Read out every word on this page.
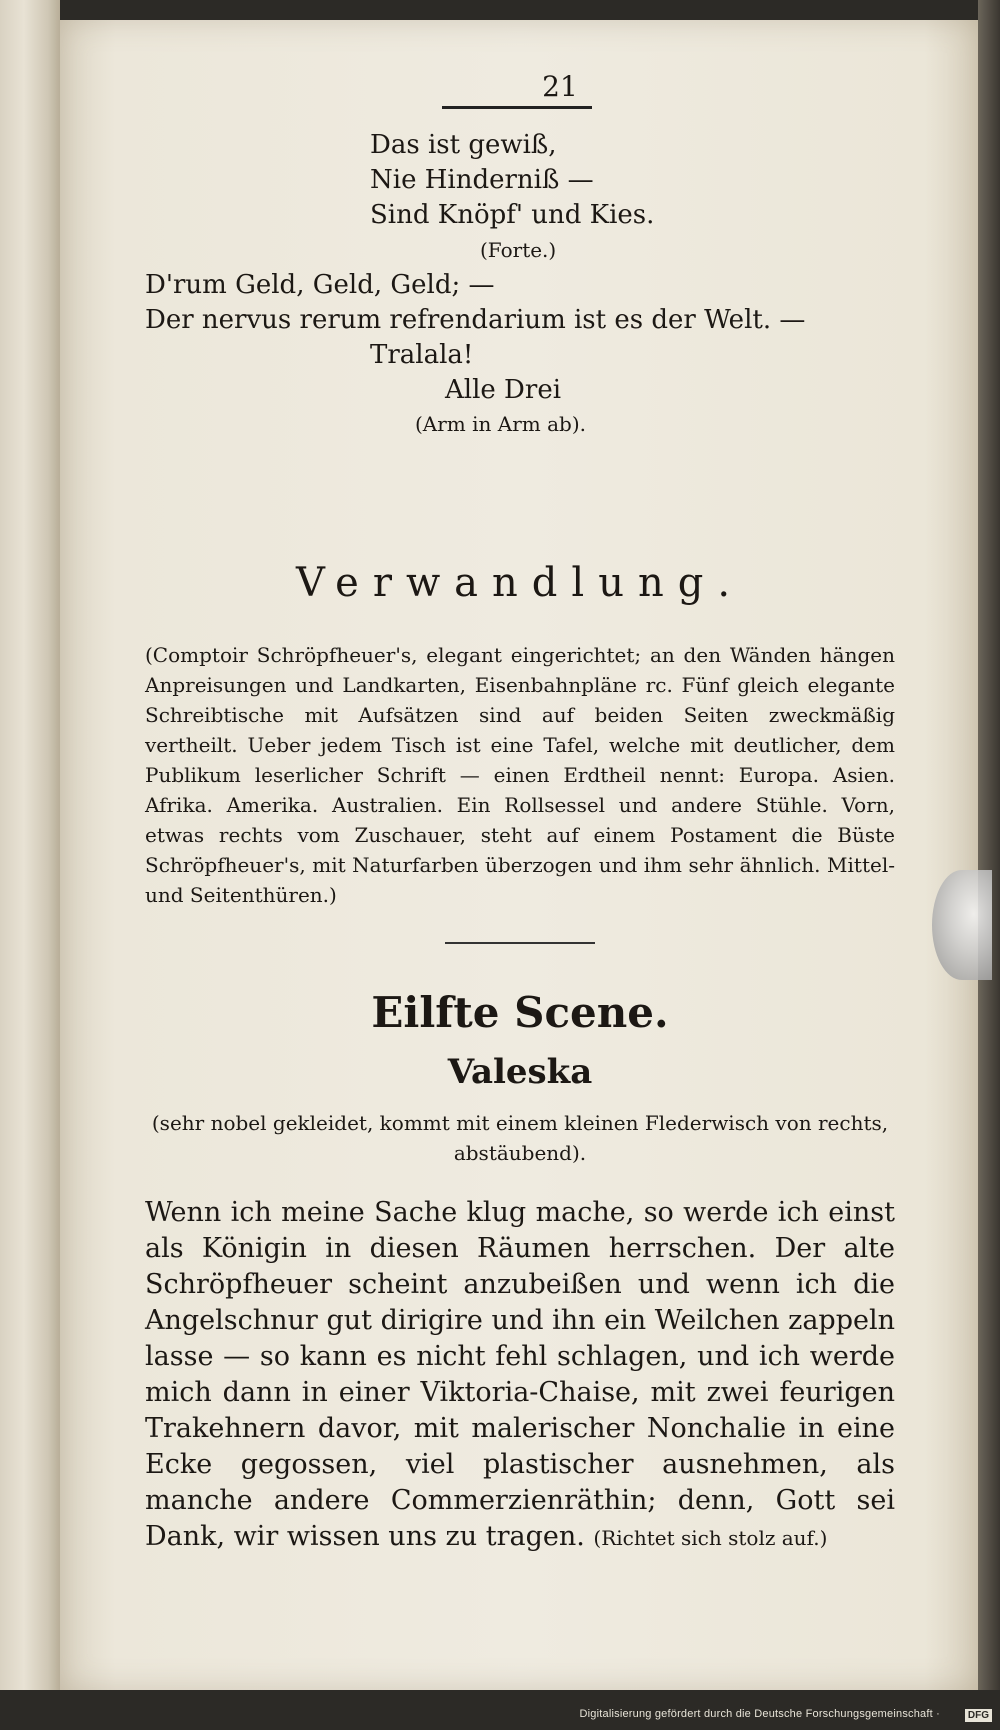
21
Das ist gewiß,
Nie Hinderniß —
Sind Knöpf' und Kies.
(Forte.)
D'rum Geld, Geld, Geld; —
Der nervus rerum refrendarium ist es der Welt. —
Tralala!
Alle Drei
(Arm in Arm ab).
Verwandlung.
(Comptoir Schröpfheuer's, elegant eingerichtet; an den Wänden hängen Anpreisungen und Landkarten, Eisenbahnpläne rc. Fünf gleich elegante Schreibtische mit Aufsätzen sind auf beiden Seiten zweckmäßig vertheilt. Ueber jedem Tisch ist eine Tafel, welche mit deutlicher, dem Publikum leserlicher Schrift — einen Erdtheil nennt: Europa. Asien. Afrika. Amerika. Australien. Ein Rollsessel und andere Stühle. Vorn, etwas rechts vom Zuschauer, steht auf einem Postament die Büste Schröpfheuer's, mit Naturfarben überzogen und ihm sehr ähnlich. Mittel- und Seitenthüren.)
Eilfte Scene.
Valeska
(sehr nobel gekleidet, kommt mit einem kleinen Flederwisch von rechts, abstäubend).
Wenn ich meine Sache klug mache, so werde ich einst als Königin in diesen Räumen herrschen. Der alte Schröpfheuer scheint anzubeißen und wenn ich die Angelschnur gut dirigire und ihn ein Weilchen zappeln lasse — so kann es nicht fehl schlagen, und ich werde mich dann in einer Viktoria-Chaise, mit zwei feurigen Trakehnern davor, mit malerischer Nonchalie in eine Ecke gegossen, viel plastischer ausnehmen, als manche andere Commerzienräthin; denn, Gott sei Dank, wir wissen uns zu tragen. (Richtet sich stolz auf.)
Digitalisierung gefördert durch die Deutsche Forschungsgemeinschaft ·	DFG
